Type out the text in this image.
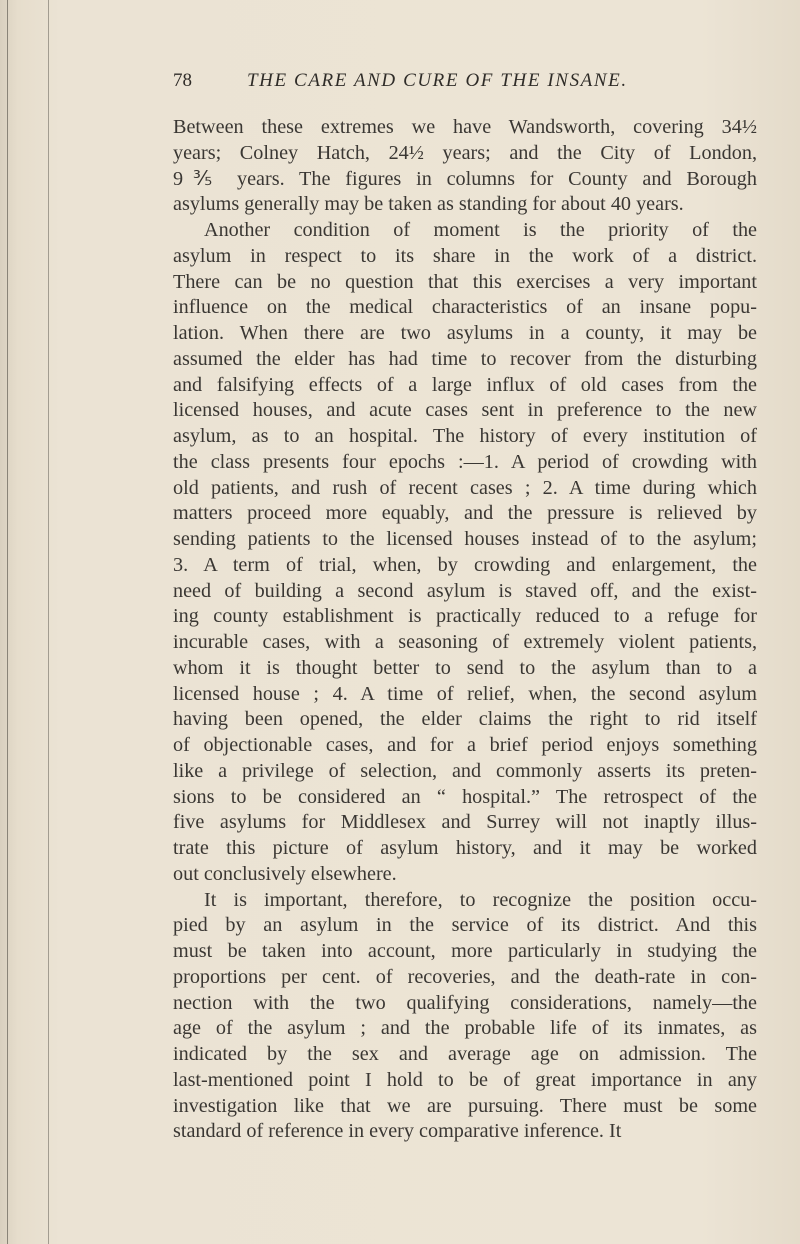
78	THE CARE AND CURE OF THE INSANE.

Between these extremes we have Wandsworth, covering 34½
years; Colney Hatch, 24½ years; and the City of London,
9⅗ years. The figures in columns for County and Borough
asylums generally may be taken as standing for about 40 years.

Another condition of moment is the priority of the
asylum in respect to its share in the work of a district.
There can be no question that this exercises a very important
influence on the medical characteristics of an insane popu-
lation. When there are two asylums in a county, it may be
assumed the elder has had time to recover from the disturbing
and falsifying effects of a large influx of old cases from the
licensed houses, and acute cases sent in preference to the new
asylum, as to an hospital. The history of every institution of
the class presents four epochs :—1. A period of crowding with
old patients, and rush of recent cases ; 2. A time during which
matters proceed more equably, and the pressure is relieved by
sending patients to the licensed houses instead of to the asylum;
3. A term of trial, when, by crowding and enlargement, the
need of building a second asylum is staved off, and the exist-
ing county establishment is practically reduced to a refuge for
incurable cases, with a seasoning of extremely violent patients,
whom it is thought better to send to the asylum than to a
licensed house ; 4. A time of relief, when, the second asylum
having been opened, the elder claims the right to rid itself
of objectionable cases, and for a brief period enjoys something
like a privilege of selection, and commonly asserts its preten-
sions to be considered an “ hospital.” The retrospect of the
five asylums for Middlesex and Surrey will not inaptly illus-
trate this picture of asylum history, and it may be worked
out conclusively elsewhere.

It is important, therefore, to recognize the position occu-
pied by an asylum in the service of its district. And this
must be taken into account, more particularly in studying the
proportions per cent. of recoveries, and the death-rate in con-
nection with the two qualifying considerations, namely—the
age of the asylum ; and the probable life of its inmates, as
indicated by the sex and average age on admission. The
last-mentioned point I hold to be of great importance in any
investigation like that we are pursuing. There must be some
standard of reference in every comparative inference. It
